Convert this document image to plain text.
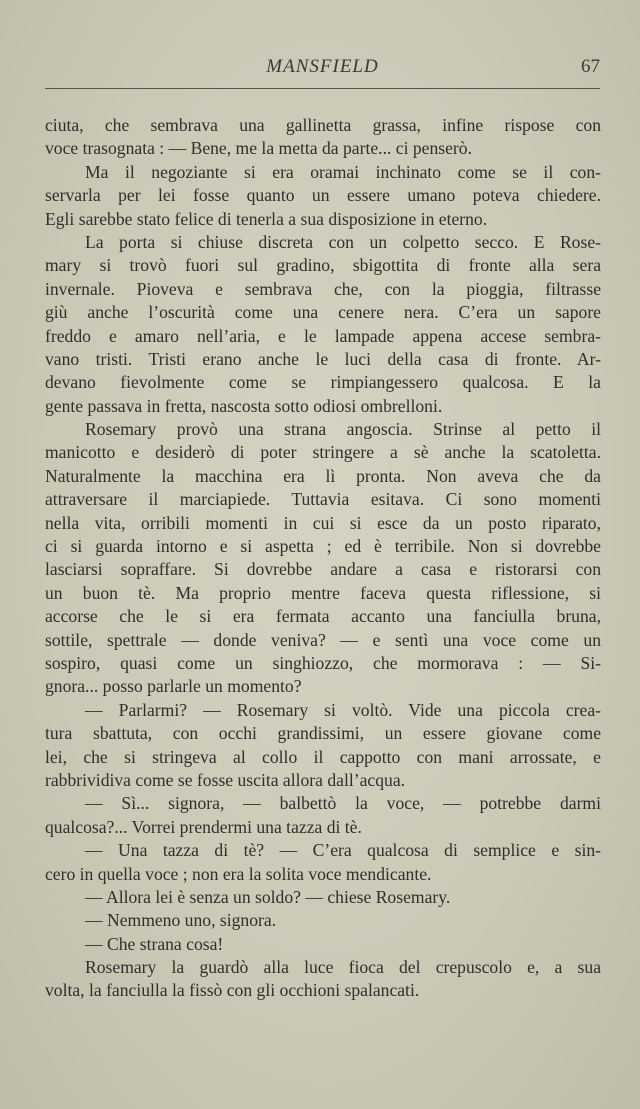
MANSFIELD	67
ciuta, che sembrava una gallinetta grassa, infine rispose con
voce trasognata : — Bene, me la metta da parte... ci penserò.
Ma il negoziante si era oramai inchinato come se il con-
servarla per lei fosse quanto un essere umano poteva chiedere.
Egli sarebbe stato felice di tenerla a sua disposizione in eterno.
La porta si chiuse discreta con un colpetto secco. E Rose-
mary si trovò fuori sul gradino, sbigottita di fronte alla sera
invernale. Pioveva e sembrava che, con la pioggia, filtrasse
giù anche l’oscurità come una cenere nera. C’era un sapore
freddo e amaro nell’aria, e le lampade appena accese sembra-
vano tristi. Tristi erano anche le luci della casa di fronte. Ar-
devano fievolmente come se rimpiangessero qualcosa. E la
gente passava in fretta, nascosta sotto odiosi ombrelloni.
Rosemary provò una strana angoscia. Strinse al petto il
manicotto e desiderò di poter stringere a sè anche la scatoletta.
Naturalmente la macchina era lì pronta. Non aveva che da
attraversare il marciapiede. Tuttavia esitava. Ci sono momenti
nella vita, orribili momenti in cui si esce da un posto riparato,
ci si guarda intorno e si aspetta ; ed è terribile. Non si dovrebbe
lasciarsi sopraffare. Si dovrebbe andare a casa e ristorarsi con
un buon tè. Ma proprio mentre faceva questa riflessione, si
accorse che le si era fermata accanto una fanciulla bruna,
sottile, spettrale — donde veniva? — e sentì una voce come un
sospiro, quasi come un singhiozzo, che mormorava : — Si-
gnora... posso parlarle un momento?
— Parlarmi? — Rosemary si voltò. Vide una piccola crea-
tura sbattuta, con occhi grandissimi, un essere giovane come
lei, che si stringeva al collo il cappotto con mani arrossate, e
rabbrividiva come se fosse uscita allora dall’acqua.
— Sì... signora, — balbettò la voce, — potrebbe darmi
qualcosa?... Vorrei prendermi una tazza di tè.
— Una tazza di tè? — C’era qualcosa di semplice e sin-
cero in quella voce ; non era la solita voce mendicante.
— Allora lei è senza un soldo? — chiese Rosemary.
— Nemmeno uno, signora.
— Che strana cosa!
Rosemary la guardò alla luce fioca del crepuscolo e, a sua
volta, la fanciulla la fissò con gli occhioni spalancati.
